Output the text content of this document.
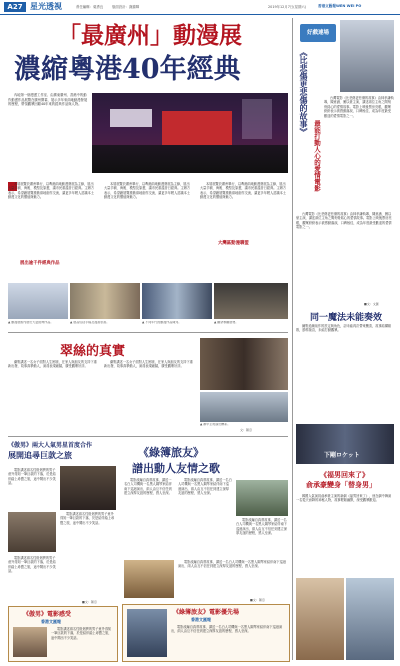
A27 星光透視	責任編輯：葉勇良	版面設計：謝錦輝	2019年12月7日(星期六)	香港文匯報WEN WEI PO
「最廣州」動漫展
濃縮粵港40年經典

內地第一個漫畫工作室、由廣東廣州、香港中的動作動畫作品展覽在廣州開幕，展示多年來兩地動漫發展的歷程，帶領觀眾回顧40年來的經典作品與人物。

本屆展覽於廣州舉行，以粵港兩地動漫發展為主線，展出大量手稿、海報、模型及原畫，讓市民重溫昔日經典。主辦方表示，希望藉展覽推動兩地創作交流，讓更多年輕人認識本土動漫文化的價值與魅力。

本屆展覽於廣州舉行，以粵港兩地動漫發展為主線，展出大量手稿、海報、模型及原畫，讓市民重溫昔日經典。主辦方表示，希望藉展覽推動兩地創作交流，讓更多年輕人認識本土動漫文化的價值與魅力。

本屆展覽於廣州舉行，以粵港兩地動漫發展為主線，展出大量手稿、海報、模型及原畫，讓市民重溫昔日經典。主辦方表示，希望藉展覽推動兩地創作交流，讓更多年輕人認識本土動漫文化的價值與魅力。

展出逾千件經典作品
大灣區動漫聯盟
▲ 動漫展館內展出大量經典作品。	▲ 展品包括手稿及漫畫原畫。	▲ 不同年代的動漫作品陳列。	▲ 觀眾參觀展覽。
翠絲的真實

劇集講述一名女子面對人生困境，在家人與朋友的支持下重新出發，故事真摯動人，演員表現細膩，廣受觀眾好評。

劇集講述一名女子面對人生困境，在家人與朋友的支持下重新出發，故事真摯動人，演員表現細膩，廣受觀眾好評。

▲ 劇中主角演出精彩。
文：陳章
《傲男》兩大人氣男星首度合作
展開追尋巨款之旅

電影講述兩名性格迥異的男子意外得知一筆巨款的下落，於是結伴踏上尋寶之旅，途中鬧出不少笑話。

電影講述兩名性格迥異的男子意外得知一筆巨款的下落，於是結伴踏上尋寶之旅，途中鬧出不少笑話。

電影講述兩名性格迥異的男子意外得知一筆巨款的下落，於是結伴踏上尋寶之旅，途中鬧出不少笑話。

■文：陳章
《傲男》電影感受
香港文匯報

電影講述兩名性格迥異的男子意外得知一筆巨款的下落，於是結伴踏上尋寶之旅，途中鬧出不少笑話。

《綠簿旅友》
譜出動人友情之歌

電影改編自真實故事，講述一名白人司機與一名黑人鋼琴家結伴南下巡迴演出，兩人由互不信任到建立深厚友誼的歷程，感人至深。

電影改編自真實故事，講述一名白人司機與一名黑人鋼琴家結伴南下巡迴演出，兩人由互不信任到建立深厚友誼的歷程，感人至深。

電影改編自真實故事，講述一名白人司機與一名黑人鋼琴家結伴南下巡迴演出，兩人由互不信任到建立深厚友誼的歷程，感人至深。

電影改編自真實故事，講述一名白人司機與一名黑人鋼琴家結伴南下巡迴演出，兩人由互不信任到建立深厚友誼的歷程，感人至深。

■文：陳章
《綠簿旅友》電影優先場
香港文匯報

電影改編自真實故事，講述一名白人司機與一名黑人鋼琴家結伴南下巡迴演出，兩人由互不信任到建立深厚友誼的歷程，感人至深。

好戲連場
《比悲傷更悲傷的故事》
最能打動人心的愛情電影

台灣電影《比悲傷更悲傷的故事》由林孝謙執導，陳意涵、劉以豪主演，講述兩位主角之間刻骨銘心的愛情故事。電影上映後票房亮眼，觀眾紛紛表示被感動落淚，口碑極佳，成為年度最受歡迎的愛情電影之一。

台灣電影《比悲傷更悲傷的故事》由林孝謙執導，陳意涵、劉以豪主演，講述兩位主角之間刻骨銘心的愛情故事。電影上映後票房亮眼，觀眾紛紛表示被感動落淚，口碑極佳，成為年度最受歡迎的愛情電影之一。

■文：文匯
同一魔法未能奏效

續集延續前作的設定與角色，卻未能再次帶來驚喜，故事結構鬆散，節奏拖沓，未能打動觀眾。

下剛ロケット
《福男回來了》
俞承豪變身「替身男」

韓國人氣演員俞承豪主演的新劇《福男回來了》，他在劇中飾演一名從天而降的神秘人物，故事輕鬆幽默，深受觀眾歡迎。
